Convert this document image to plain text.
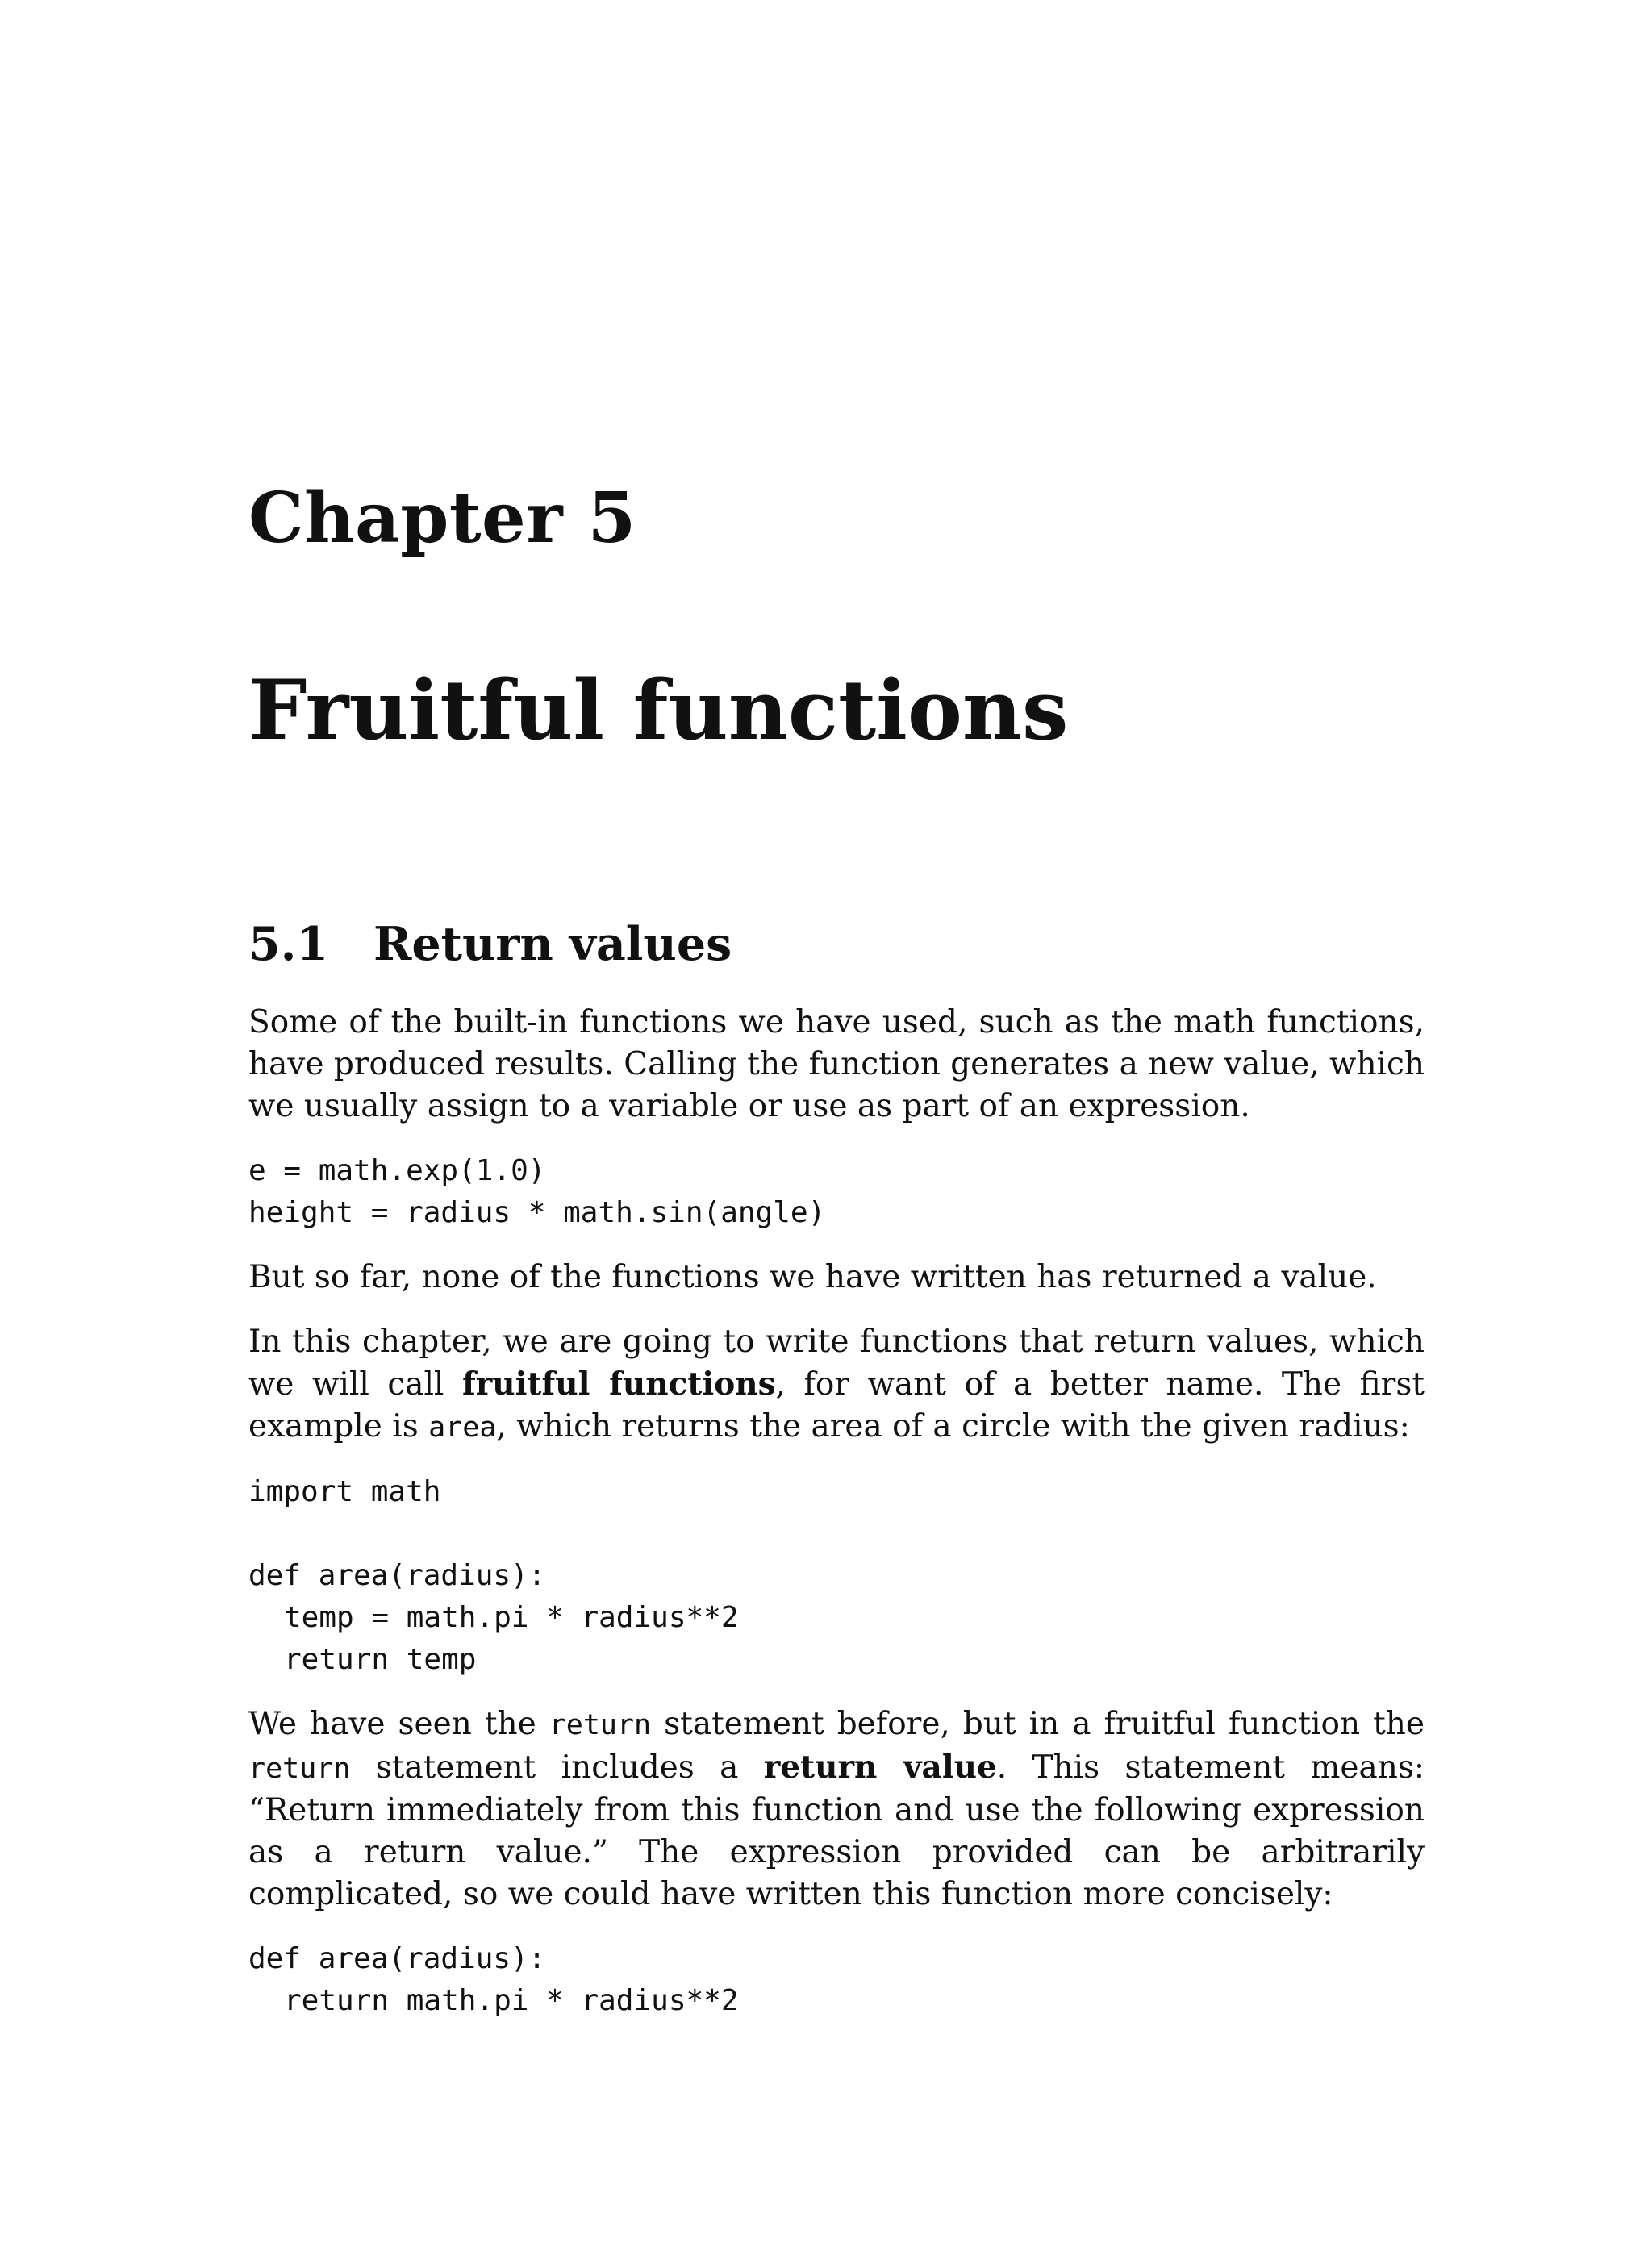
Chapter 5
Fruitful functions
5.1 Return values

Some of the built-in functions we have used, such as the math functions, have produced results. Calling the function generates a new value, which we usually assign to a variable or use as part of an expression.

e = math.exp(1.0)
height = radius * math.sin(angle)

But so far, none of the functions we have written has returned a value.

In this chapter, we are going to write functions that return values, which we will call fruitful functions, for want of a better name. The first example is area, which returns the area of a circle with the given radius:

import math
def area(radius):
temp = math.pi * radius**2
return temp

We have seen the return statement before, but in a fruitful function the return statement includes a return value. This statement means: “Return immediately from this function and use the following expression as a return value.” The expression provided can be arbitrarily complicated, so we could have written this function more concisely:

def area(radius):
return math.pi * radius**2
